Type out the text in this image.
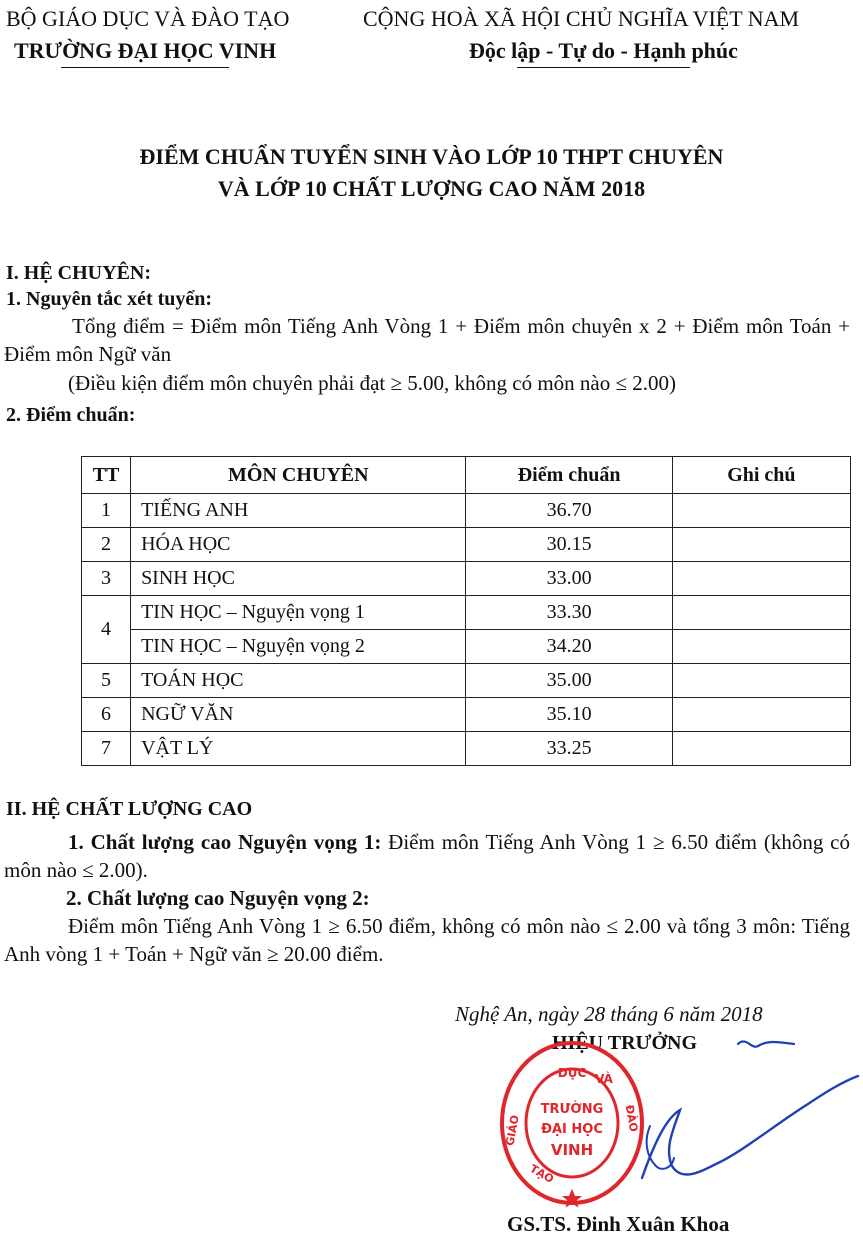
BỘ GIÁO DỤC VÀ ĐÀO TẠO
TRƯỜNG ĐẠI HỌC VINH
CỘNG HOÀ XÃ HỘI CHỦ NGHĨA VIỆT NAM
Độc lập - Tự do - Hạnh phúc
ĐIỂM CHUẨN TUYỂN SINH VÀO LỚP 10 THPT CHUYÊN
VÀ LỚP 10 CHẤT LƯỢNG CAO NĂM 2018
I. HỆ CHUYÊN:
1. Nguyên tắc xét tuyển:
Tổng điểm = Điểm môn Tiếng Anh Vòng 1 + Điểm môn chuyên x 2 + Điểm môn Toán + Điểm môn Ngữ văn
(Điều kiện điểm môn chuyên phải đạt ≥ 5.00, không có môn nào ≤ 2.00)
2. Điểm chuẩn:
TT	MÔN CHUYÊN	Điểm chuẩn	Ghi chú
1	TIẾNG ANH	36.70	
2	HÓA HỌC	30.15	
3	SINH HỌC	33.00	
4	TIN HỌC – Nguyện vọng 1	33.30	
	TIN HỌC – Nguyện vọng 2	34.20	
5	TOÁN HỌC	35.00	
6	NGỮ VĂN	35.10	
7	VẬT LÝ	33.25	
II. HỆ CHẤT LƯỢNG CAO
1. Chất lượng cao Nguyện vọng 1: Điểm môn Tiếng Anh Vòng 1 ≥ 6.50 điểm (không có môn nào ≤ 2.00).
2. Chất lượng cao Nguyện vọng 2:
Điểm môn Tiếng Anh Vòng 1 ≥ 6.50 điểm, không có môn nào ≤ 2.00 và tổng 3 môn: Tiếng Anh vòng 1 + Toán + Ngữ văn ≥ 20.00 điểm.
Nghệ An, ngày 28 tháng 6 năm 2018
HIỆU TRƯỞNG
DỤC VÀ
ĐÀO
GIÁO
TẠO
TRƯỜNG
ĐẠI HỌC
VINH
GS.TS. Đinh Xuân Khoa
